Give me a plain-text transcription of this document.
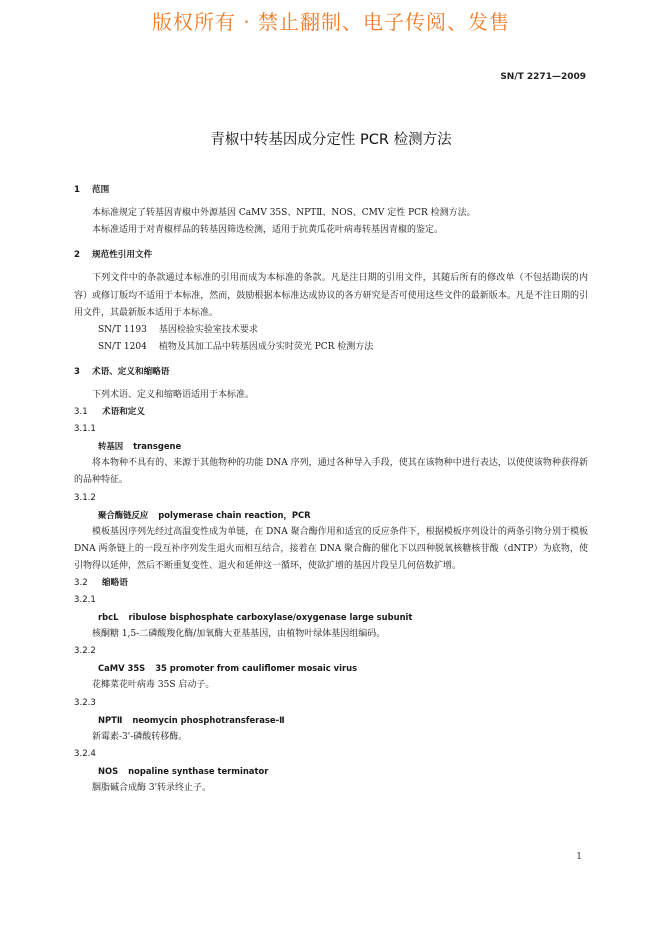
版权所有 · 禁止翻制、电子传阅、发售
SN/T 2271—2009
青椒中转基因成分定性 PCR 检测方法

1 范围

本标准规定了转基因青椒中外源基因 CaMV 35S、NPTⅡ、NOS、CMV 定性 PCR 检测方法。

本标准适用于对青椒样品的转基因筛选检测，适用于抗黄瓜花叶病毒转基因青椒的鉴定。

2 规范性引用文件

下列文件中的条款通过本标准的引用而成为本标准的条款。凡是注日期的引用文件，其随后所有的修改单（不包括勘误的内容）或修订版均不适用于本标准，然而，鼓励根据本标准达成协议的各方研究是否可使用这些文件的最新版本。凡是不注日期的引用文件，其最新版本适用于本标准。

SN/T 1193 基因检验实验室技术要求

SN/T 1204 植物及其加工品中转基因成分实时荧光 PCR 检测方法

3 术语、定义和缩略语

下列术语、定义和缩略语适用于本标准。

3.1 术语和定义

3.1.1

转基因 transgene

将本物种不具有的、来源于其他物种的功能 DNA 序列，通过各种导入手段，使其在该物种中进行表达，以使使该物种获得新的品种特征。

3.1.2

聚合酶链反应 polymerase chain reaction，PCR

模板基因序列先经过高温变性成为单链，在 DNA 聚合酶作用和适宜的反应条件下，根据模板序列设计的两条引物分别于模板 DNA 两条链上的一段互补序列发生退火而相互结合，接着在 DNA 聚合酶的催化下以四种脱氧核糖核苷酸（dNTP）为底物，使引物得以延伸，然后不断重复变性、退火和延伸这一循环，使欲扩增的基因片段呈几何倍数扩增。

3.2 缩略语

3.2.1

rbcL ribulose bisphosphate carboxylase/oxygenase large subunit

核酮糖 1,5-二磷酸羧化酶/加氧酶大亚基基因，由植物叶绿体基因组编码。

3.2.2

CaMV 35S 35 promoter from cauliflomer mosaic virus

花椰菜花叶病毒 35S 启动子。

3.2.3

NPTⅡ neomycin phosphotransferase-Ⅱ

新霉素-3'-磷酸转移酶。

3.2.4

NOS nopaline synthase terminator

胭脂碱合成酶 3'转录终止子。

1
